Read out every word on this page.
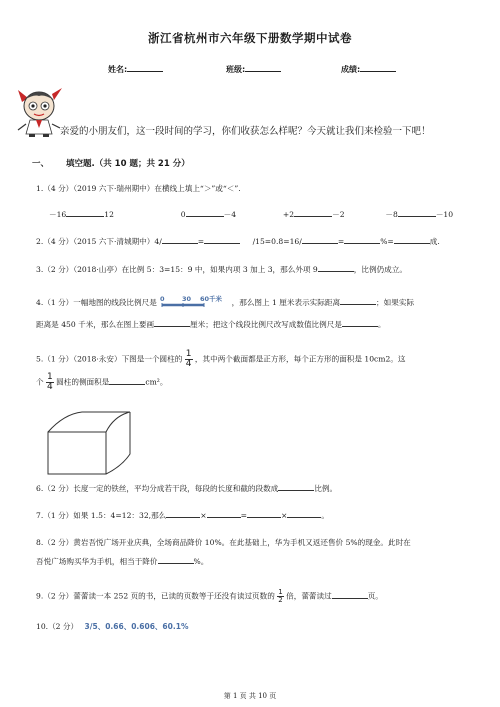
浙江省杭州市六年级下册数学期中试卷
姓名:	班级:	成绩:
亲爱的小朋友们，这一段时间的学习，你们收获怎么样呢？今天就让我们来检验一下吧！
一、 填空题.（共 10 题；共 21 分）
1.（4 分）（2019 六下·瑞州期中）在横线上填上“＞”或“＜”.
－16	12	0	－4	+2	－2	－8	－10
2.（4 分）（2015 六下·清城期中）4/	=	/15=0.8=16/	=	%=	成.
3.（2 分）（2018·山亭）在比例 5：3=15：9 中，如果内项 3 加上 3，那么外项 9	，比例仍成立。
4.（1 分）一幅地图的线段比例尺是 0	30 60千米 ，那么图上 1 厘米表示实际距离	；如果实际
距离是 450 千米，那么在图上要画	厘米；把这个线段比例尺改写成数值比例尺是	。
5.（1 分）（2018·永安）下图是一个圆柱的 $\frac{1}{4}$ ，其中两个截面都是正方形，每个正方形的面积是 10cm2。这
个 $\frac{1}{4}$ 圆柱的侧面积是	cm²。
6.（2 分）长度一定的铁丝，平均分成若干段，每段的长度和截的段数成	比例。
7.（1 分）如果 1.5：4=12：32,那么	×	=	×	。
8.（2 分）黄岩吾悦广场开业庆典，全场商品降价 10%。在此基础上，华为手机又返还售价 5%的现金。此时在
吾悦广场购买华为手机，相当于降价	%。
9.（2 分）蕾蕾读一本 252 页的书，已读的页数等于还没有读过页数的 $\frac{1}{2}$ 倍，蕾蕾读过	页。
10.（2 分） 3/5、0.66、0.606、60.1%
第 1 页 共 10 页
